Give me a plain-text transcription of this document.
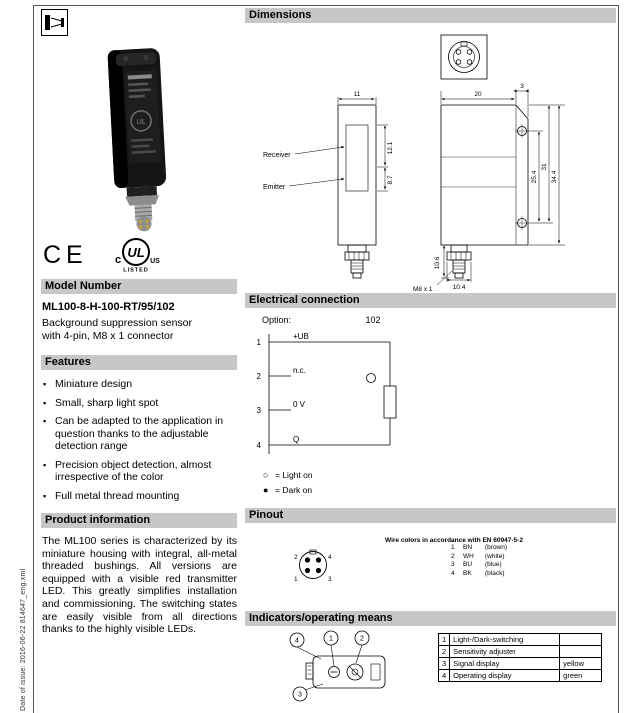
Date of issue: 2016-06-22 814647_eng.xml
UL
CE	UL
c	US
LISTED
Model Number
ML100-8-H-100-RT/95/102
Background suppression sensor
with 4-pin, M8 x 1 connector
Features
▪ Miniature design
▪ Small, sharp light spot
▪ Can be adapted to the application in question thanks to the adjustable detection range
▪ Precision object detection, almost irrespective of the color
▪ Full metal thread mounting
Product information
The ML100 series is characterized by its miniature housing with integral, all-metal threaded bushings. All versions are equipped with a visible red transmitter LED. This greatly simplifies installation and commissioning. The switching states are easily visible from all directions thanks to the highly visible LEDs.
Dimensions
11
Receiver
Emitter
12.1
8.7
20
3
25.4
31
34.4
10.6
10.4
M8 x 1
Electrical connection
Option:	102
1
2
3
4
+UB
n.c.
0 V
Q
○ = Light on
● = Dark on
Pinout
2	4
1	3
Wire colors in accordance with EN 60947-5-2
1 BN (brown)
2 WH (white)
3 BU (blue)
4 BK (black)
Indicators/operating means
4	1	2
3
1	Light-/Dark-switching	
2	Sensitivity adjuster	
3	Signal display	yellow
4	Operating display	green
